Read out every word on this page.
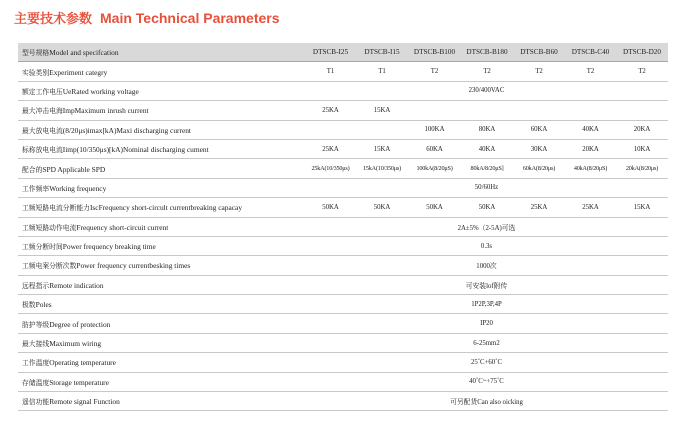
主要技术参数 Main Technical Parameters
型号规格Model and specifcation	DTSCB-I25	DTSCB-I15	DTSCB-B100	DTSCB-B180	DTSCB-B60	DTSCB-C40	DTSCB-D20
实验类别Experiment categry	T1	T1	T2	T2	T2	T2	T2
额定工作电压UeRated working voltage	230/400VAC						
最大冲击电海ImpMaximum inrush current	25KA	15KA					
最大放电电流(8/20μs)imax[kA)Maxi discharging current			100KA	80KA	60KA	40KA	20KA
标称放电电流Iimp(10/350μs)[kA)Nominal discharging cument	25KA	15KA	60KA	40KA	30KA	20KA	10KA
配合的SPD Applicable SPD	25kA(10/350μs)	15kA(10/350μs)	100kA(8/20μS)	80kA/8/20μS]	60kA(8/20μs)	40kA(8/20μS)	20kA(8/20μs)
工作频率Working frequency	50/60Hz						
工频短路电流分断能力IscFrequency short-circult currentbreaking capacay	50KA	50KA	50KA	50KA	25KA	25KA	15KA
工频短路动作电流Frequency short-circuit current	2A±5%（2-5A)可选						
工频分断时间Power frequency breaking time	0.3s						
工频电案分断次数Power frequency currentbesking times	1000次						
远程指示Remote indication	可安装lof附传						
极数Poles	1P2P,3P,4P						
肪护等级Degree of protection	IP20						
最大接线Maximum wiring	6-25mm2						
工作温度Operating temperature	25˚C+60˚C						
存储温度Storage temperature	40˚C~+75˚C						
遥信功能Remote signal Function	可另配货Can also oicking						
